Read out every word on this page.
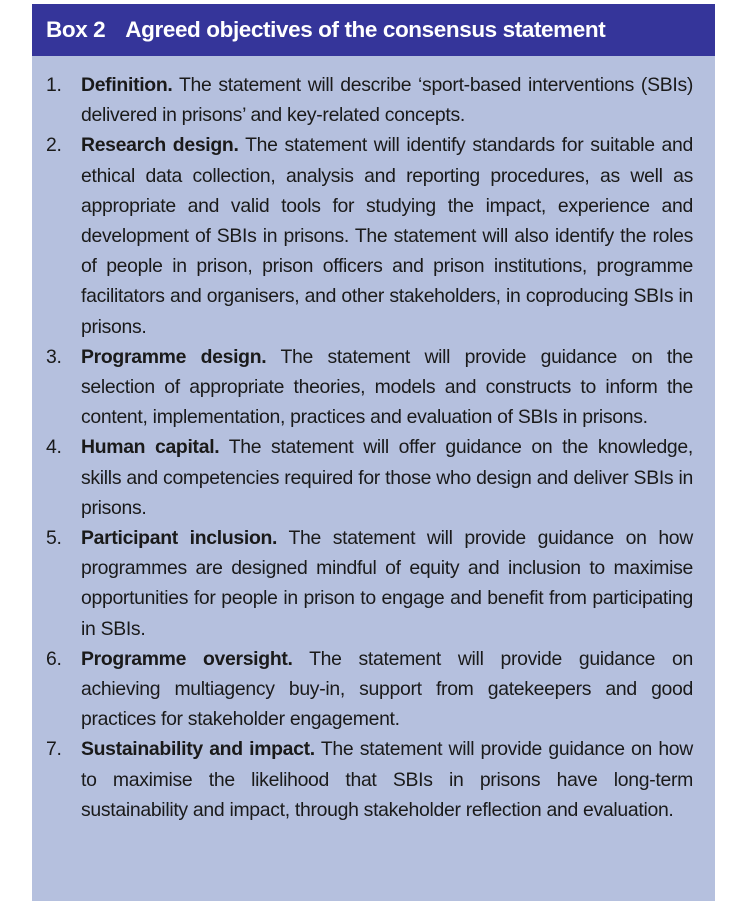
Box 2 Agreed objectives of the consensus statement
1.	Definition. The statement will describe ‘sport-based interventions (SBIs) delivered in prisons’ and key-related concepts.
2.	Research design. The statement will identify standards for suitable and ethical data collection, analysis and reporting procedures, as well as appropriate and valid tools for studying the impact, experience and development of SBIs in prisons. The statement will also identify the roles of people in prison, prison officers and prison institutions, programme facilitators and organisers, and other stakeholders, in coproducing SBIs in prisons.
3.	Programme design. The statement will provide guidance on the selection of appropriate theories, models and constructs to inform the content, implementation, practices and evaluation of SBIs in prisons.
4.	Human capital. The statement will offer guidance on the knowledge, skills and competencies required for those who design and deliver SBIs in prisons.
5.	Participant inclusion. The statement will provide guidance on how programmes are designed mindful of equity and inclusion to maximise opportunities for people in prison to engage and benefit from participating in SBIs.
6.	Programme oversight. The statement will provide guidance on achieving multiagency buy-in, support from gatekeepers and good practices for stakeholder engagement.
7.	Sustainability and impact. The statement will provide guidance on how to maximise the likelihood that SBIs in prisons have long-term sustainability and impact, through stakeholder reflection and evaluation.
